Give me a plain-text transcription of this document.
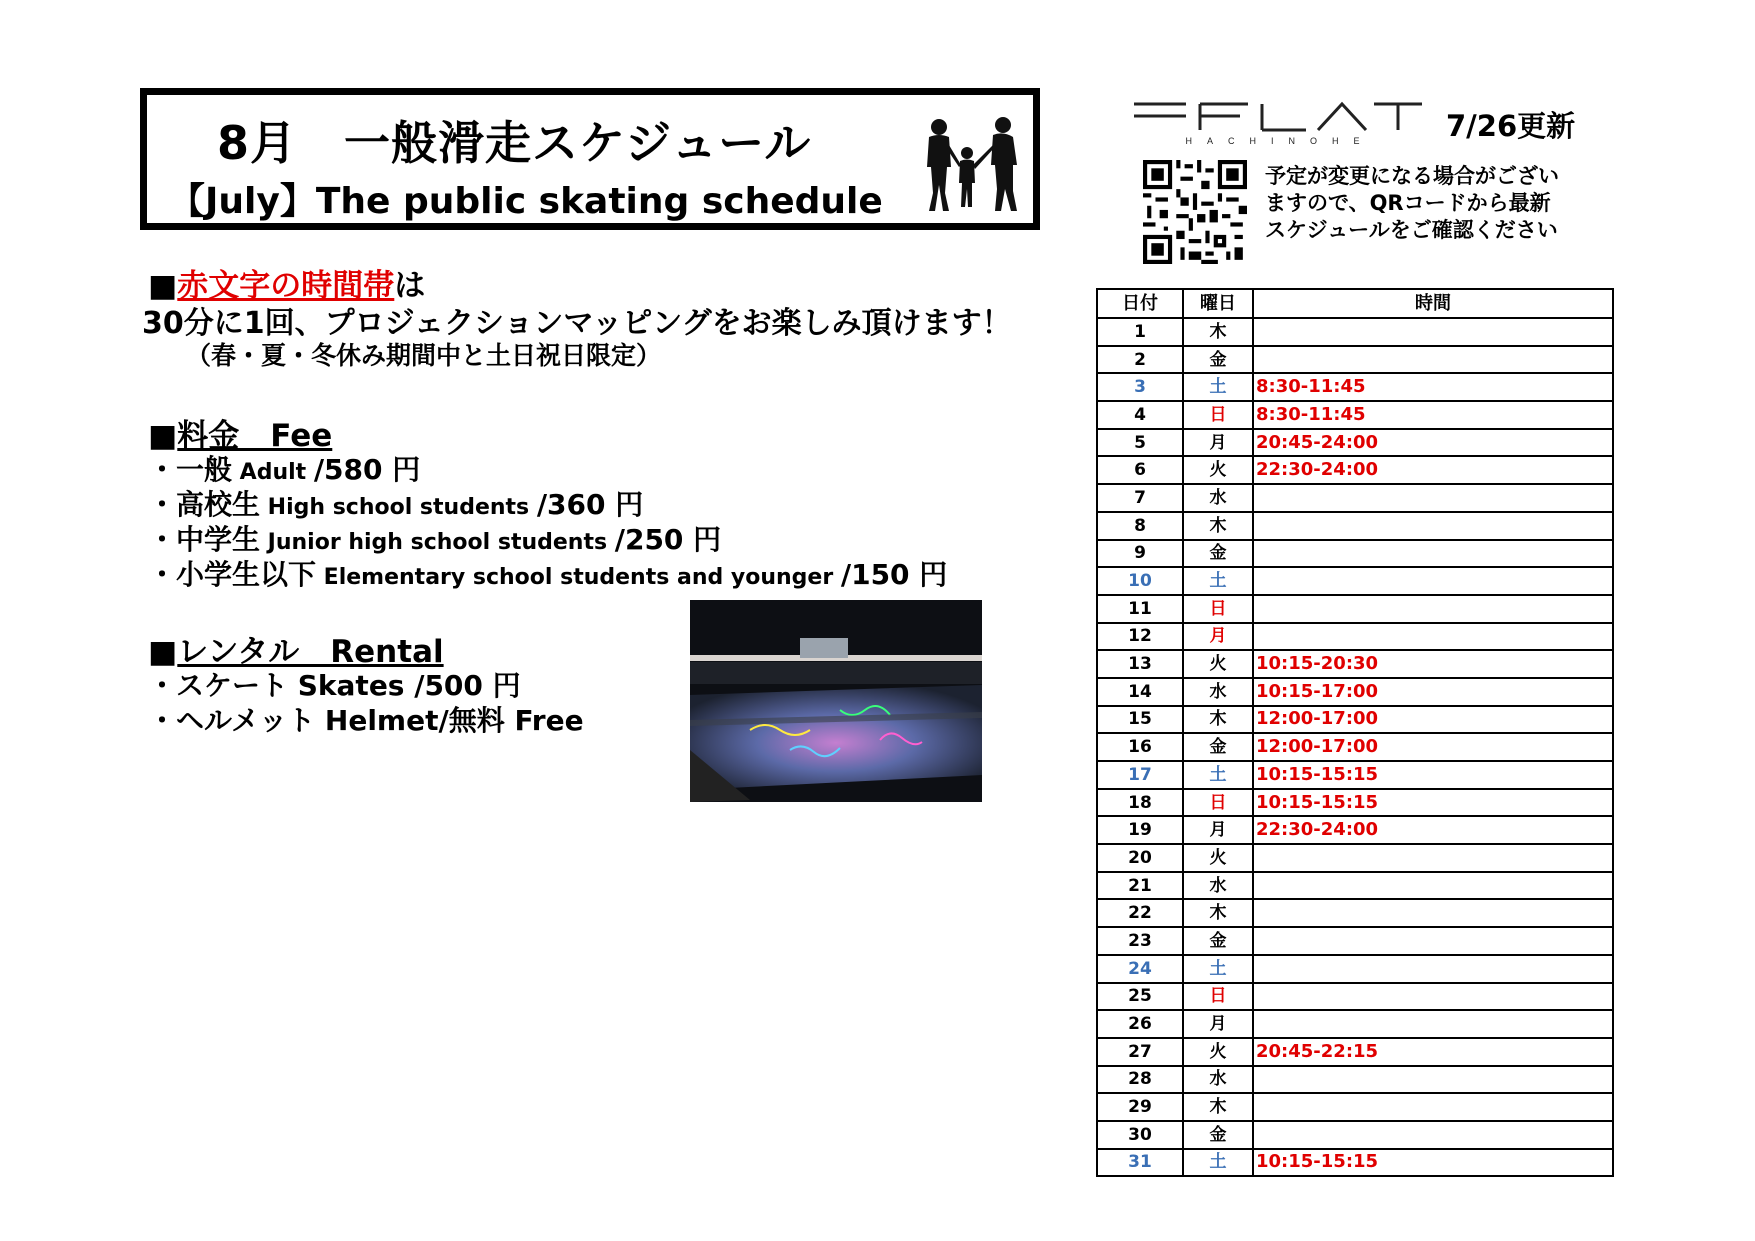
8月　一般滑走スケジュール
【July】The public skating schedule
HACHINOHE 7/26更新
予定が変更になる場合がござい
ますので、QRコードから最新
スケジュールをご確認ください
■赤文字の時間帯は
30分に1回、プロジェクションマッピングをお楽しみ頂けます！
（春・夏・冬休み期間中と土日祝日限定）
■料金　Fee
・一般 Adult /580 円
・高校生 High school students /360 円
・中学生 Junior high school students /250 円
・小学生以下 Elementary school students and younger /150 円
■レンタル　Rental
・スケート Skates /500 円
・ヘルメット Helmet/無料 Free
日付	曜日	時間
1	木	
2	金	
3	土	8:30-11:45
4	日	8:30-11:45
5	月	20:45-24:00
6	火	22:30-24:00
7	水	
8	木	
9	金	
10	土	
11	日	
12	月	
13	火	10:15-20:30
14	水	10:15-17:00
15	木	12:00-17:00
16	金	12:00-17:00
17	土	10:15-15:15
18	日	10:15-15:15
19	月	22:30-24:00
20	火	
21	水	
22	木	
23	金	
24	土	
25	日	
26	月	
27	火	20:45-22:15
28	水	
29	木	
30	金	
31	土	10:15-15:15
